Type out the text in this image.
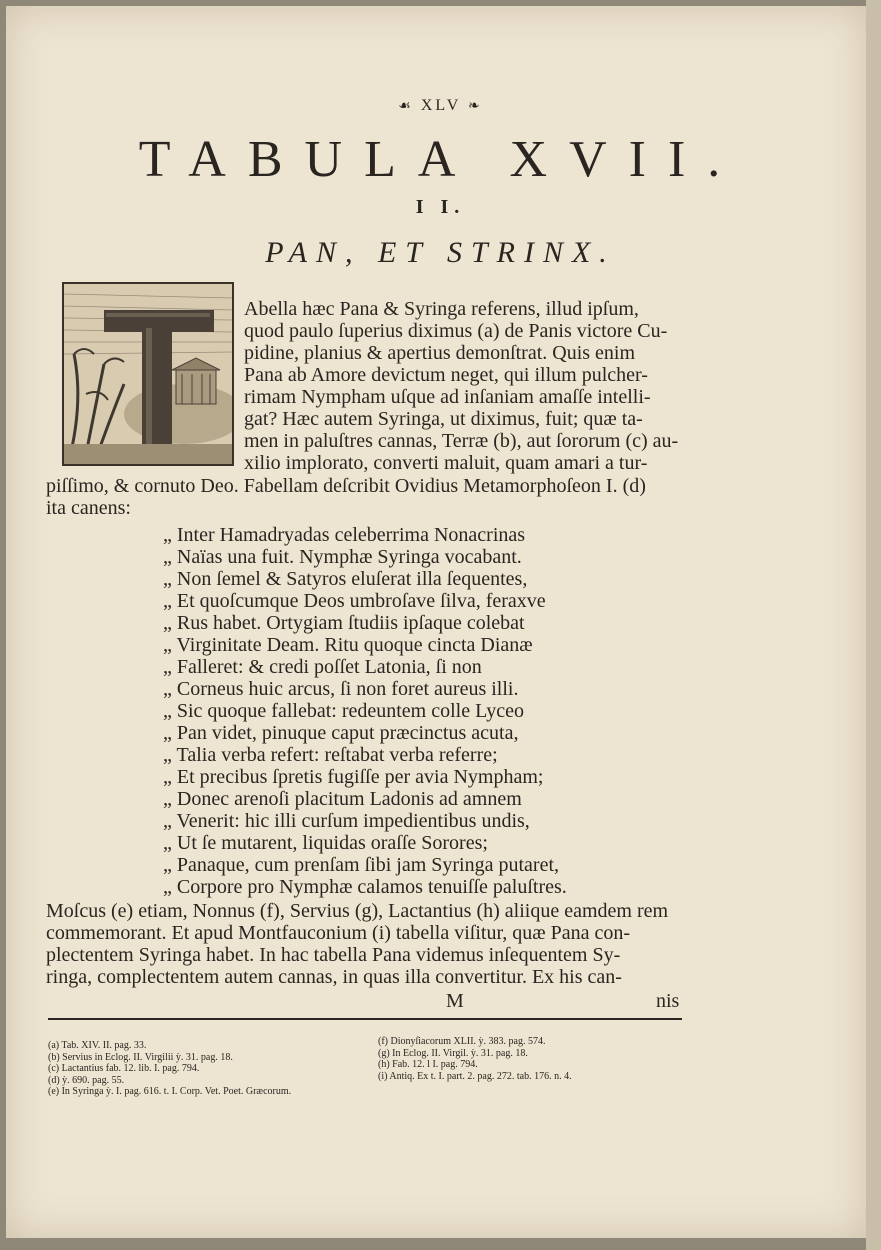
☙ XLV ❧
TABULA XVII.
I I.
PAN, ET STRINX.
Abella hæc Pana & Syringa referens, illud ipſum,
quod paulo ſuperius diximus (a) de Panis victore Cu-
pidine, planius & apertius demonſtrat. Quis enim
Pana ab Amore devictum neget, qui illum pulcher-
rimam Nympham uſque ad inſaniam amaſſe intelli-
gat? Hæc autem Syringa, ut diximus, fuit; quæ ta-
men in paluſtres cannas, Terræ (b), aut ſororum (c) au-
xilio implorato, converti maluit, quam amari a tur-
piſſimo, & cornuto Deo. Fabellam deſcribit Ovidius Metamorphoſeon I. (d)
ita canens:
„ Inter Hamadryadas celeberrima Nonacrinas
„ Naïas una fuit. Nymphæ Syringa vocabant.
„ Non ſemel & Satyros eluſerat illa ſequentes,
„ Et quoſcumque Deos umbroſave ſilva, feraxve
„ Rus habet. Ortygiam ſtudiis ipſaque colebat
„ Virginitate Deam. Ritu quoque cincta Dianæ
„ Falleret: & credi poſſet Latonia, ſi non
„ Corneus huic arcus, ſi non foret aureus illi.
„ Sic quoque fallebat: redeuntem colle Lyceo
„ Pan videt, pinuque caput præcinctus acuta,
„ Talia verba refert: reſtabat verba referre;
„ Et precibus ſpretis fugiſſe per avia Nympham;
„ Donec arenoſi placitum Ladonis ad amnem
„ Venerit: hic illi curſum impedientibus undis,
„ Ut ſe mutarent, liquidas oraſſe Sorores;
„ Panaque, cum prenſam ſibi jam Syringa putaret,
„ Corpore pro Nymphæ calamos tenuiſſe paluſtres.
Moſcus (e) etiam, Nonnus (f), Servius (g), Lactantius (h) aliique eamdem rem
commemorant. Et apud Montfauconium (i) tabella viſitur, quæ Pana con-
plectentem Syringa habet. In hac tabella Pana videmus inſequentem Sy-
ringa, complectentem autem cannas, in quas illa convertitur. Ex his can-
M	nis
(a) Tab. XIV. II. pag. 33.
(b) Servius in Eclog. II. Virgilii ỳ. 31. pag. 18.
(c) Lactantius fab. 12. lib. I. pag. 794.
(d) ỳ. 690. pag. 55.
(e) In Syringa ỳ. I. pag. 616. t. I. Corp. Vet. Poet. Græcorum.
(f) Dionyſiacorum XLII. ỳ. 383. pag. 574.
(g) In Eclog. II. Virgil. ỳ. 31. pag. 18.
(h) Fab. 12. l I. pag. 794.
(i) Antiq. Ex t. I. part. 2. pag. 272. tab. 176. n. 4.
